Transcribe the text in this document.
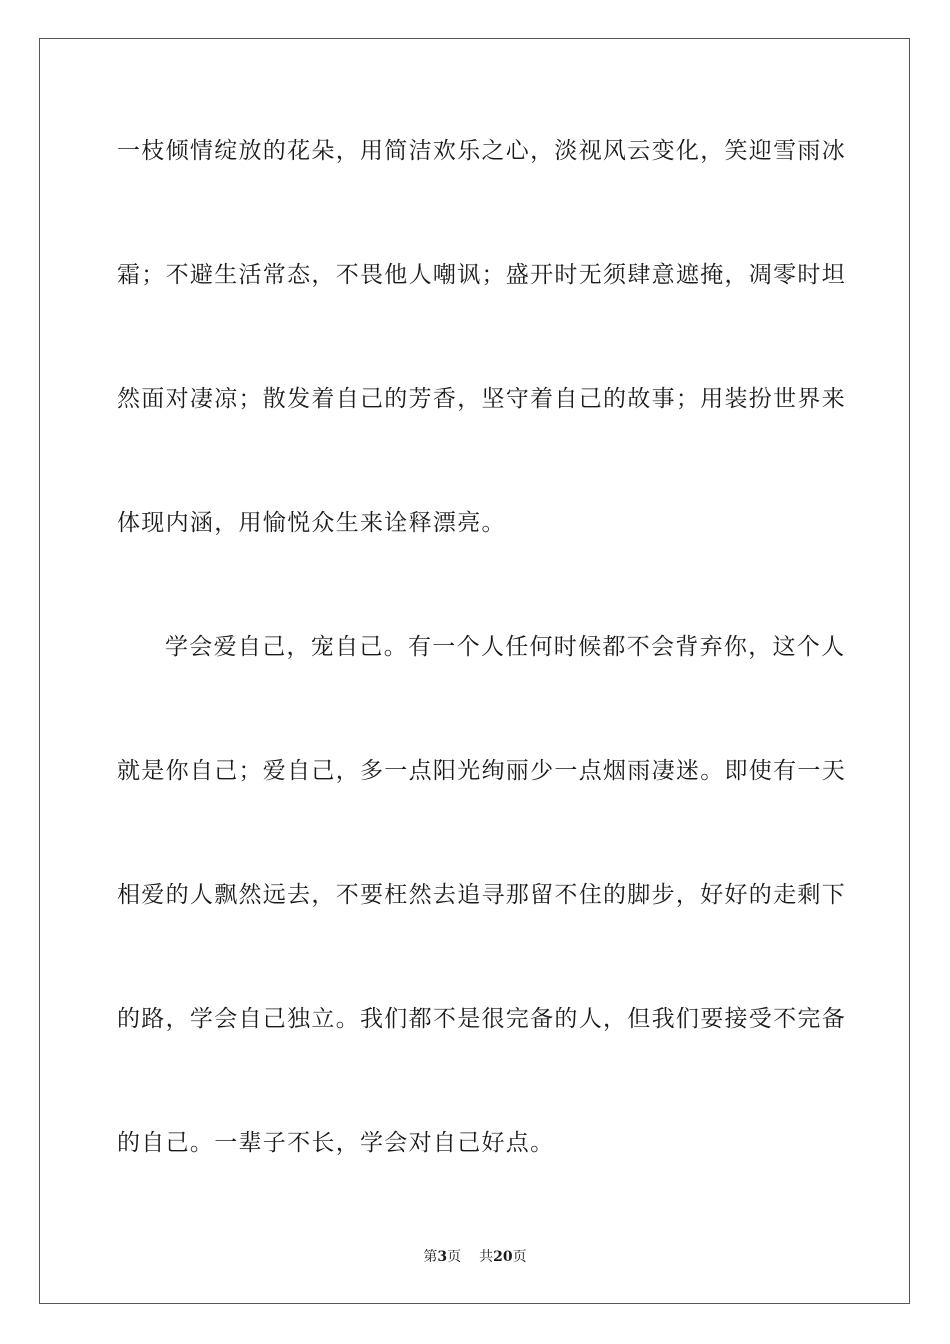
一枝倾情绽放的花朵，用简洁欢乐之心，淡视风云变化，笑迎雪雨冰
霜；不避生活常态，不畏他人嘲讽；盛开时无须肆意遮掩，凋零时坦
然面对凄凉；散发着自己的芳香，坚守着自己的故事；用装扮世界来
体现内涵，用愉悦众生来诠释漂亮。
学会爱自己，宠自己。有一个人任何时候都不会背弃你，这个人
就是你自己；爱自己，多一点阳光绚丽少一点烟雨凄迷。即使有一天
相爱的人飘然远去，不要枉然去追寻那留不住的脚步，好好的走剩下
的路，学会自己独立。我们都不是很完备的人，但我们要接受不完备
的自己。一辈子不长，学会对自己好点。
第3页 共20页
